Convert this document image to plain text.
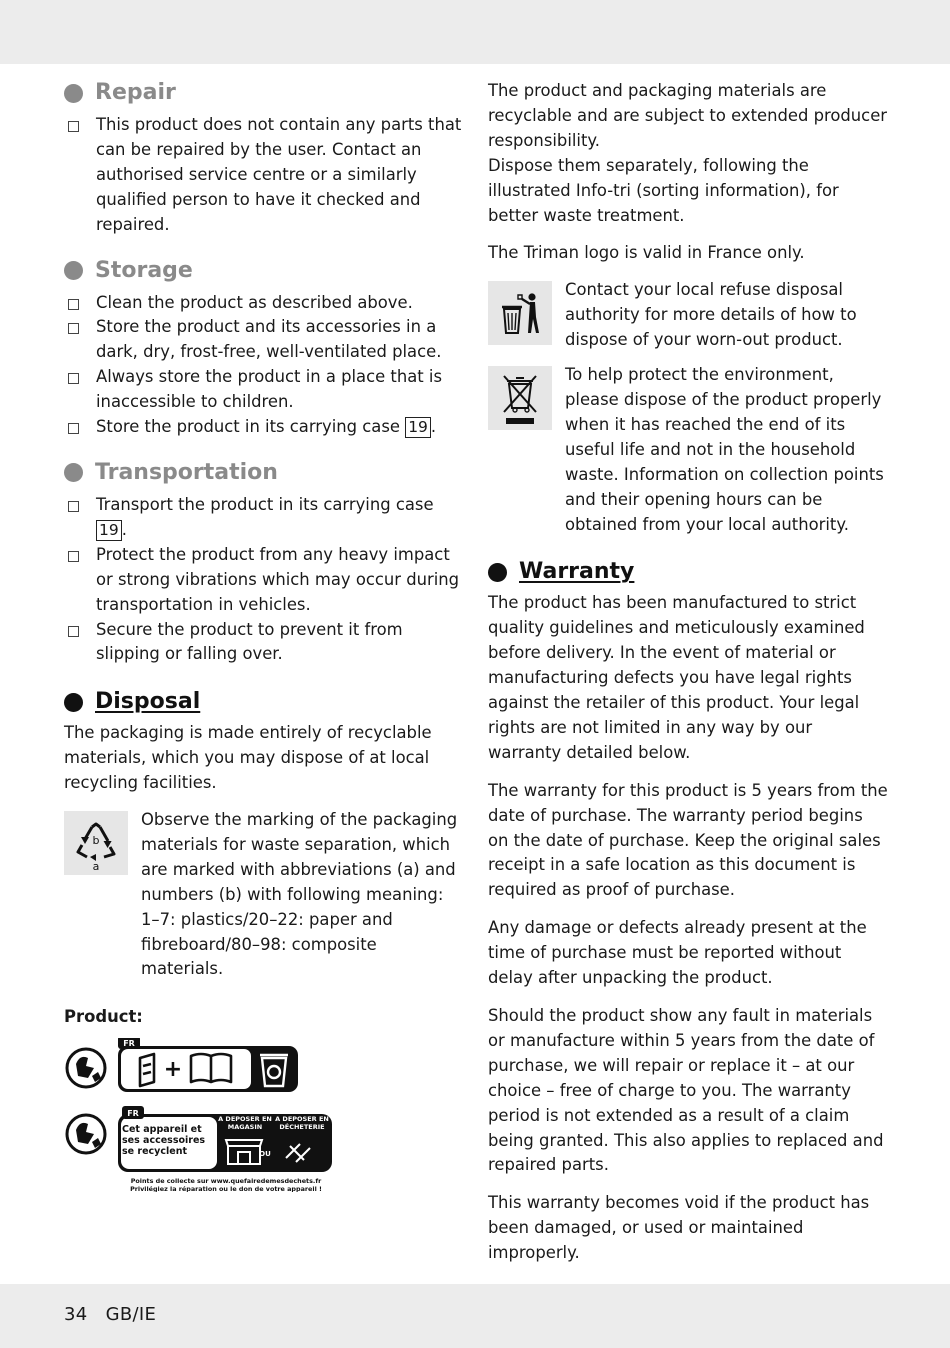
Repair
This product does not contain any parts that can be repaired by the user. Contact an authorised service centre or a similarly qualified person to have it checked and repaired.
Storage
Clean the product as described above.
Store the product and its accessories in a dark, dry, frost-free, well-ventilated place.
Always store the product in a place that is inaccessible to children.
Store the product in its carrying case 19 .
Transportation
Transport the product in its carrying case 19 .
Protect the product from any heavy impact or strong vibrations which may occur during transportation in vehicles.
Secure the product to prevent it from slipping or falling over.
Disposal

The packaging is made entirely of recyclable materials, which you may dispose of at local recycling facilities.

b
a

Observe the marking of the packaging materials for waste separation, which are marked with abbreviations (a) and numbers (b) with following meaning: 1–7: plastics/20–22: paper and fibreboard/80–98: composite materials.

Product:

FR
+
FR
Cet appareil et ses accessoires se recyclent
À DÉPOSER EN MAGASIN
À DÉPOSER EN DÉCHETERIE
OU
Points de collecte sur www.quefairedemesdechets.fr
Privilégiez la réparation ou le don de votre appareil !

The product and packaging materials are recyclable and are subject to extended producer responsibility.

Dispose them separately, following the illustrated Info-tri (sorting information), for better waste treatment.

The Triman logo is valid in France only.

Contact your local refuse disposal authority for more details of how to dispose of your worn-out product.

To help protect the environment, please dispose of the product properly when it has reached the end of its useful life and not in the household waste. Information on collection points and their opening hours can be obtained from your local authority.

Warranty

The product has been manufactured to strict quality guidelines and meticulously examined before delivery. In the event of material or manufacturing defects you have legal rights against the retailer of this product. Your legal rights are not limited in any way by our warranty detailed below.

The warranty for this product is 5 years from the date of purchase. The warranty period begins on the date of purchase. Keep the original sales receipt in a safe location as this document is required as proof of purchase.

Any damage or defects already present at the time of purchase must be reported without delay after unpacking the product.

Should the product show any fault in materials or manufacture within 5 years from the date of purchase, we will repair or replace it – at our choice – free of charge to you. The warranty period is not extended as a result of a claim being granted. This also applies to replaced and repaired parts.

This warranty becomes void if the product has been damaged, or used or maintained improperly.

34 GB/IE
